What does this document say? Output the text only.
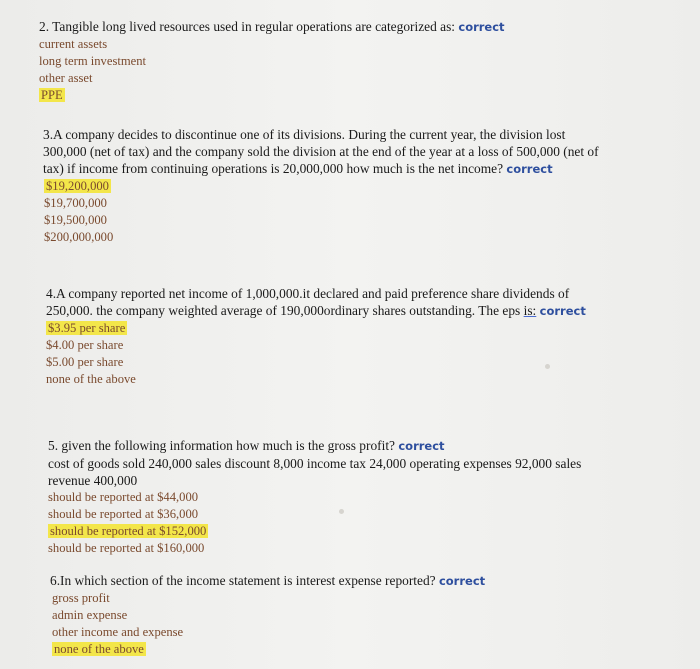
2. Tangible long lived resources used in regular operations are categorized as: correct

current assets
long term investment
other asset
PPE

3.A company decides to discontinue one of its divisions. During the current year, the division lost
300,000 (net of tax) and the company sold the division at the end of the year at a loss of 500,000 (net of
tax) if income from continuing operations is 20,000,000 how much is the net income? correct

$19,200,000
$19,700,000
$19,500,000
$200,000,000

4.A company reported net income of 1,000,000.it declared and paid preference share dividends of
250,000. the company weighted average of 190,000ordinary shares outstanding. The eps is: correct

$3.95 per share
$4.00 per share
$5.00 per share
none of the above

5. given the following information how much is the gross profit? correct
cost of goods sold 240,000 sales discount 8,000 income tax 24,000 operating expenses 92,000 sales
revenue 400,000

should be reported at $44,000
should be reported at $36,000
should be reported at $152,000
should be reported at $160,000

6.In which section of the income statement is interest expense reported? correct

gross profit
admin expense
other income and expense
none of the above
